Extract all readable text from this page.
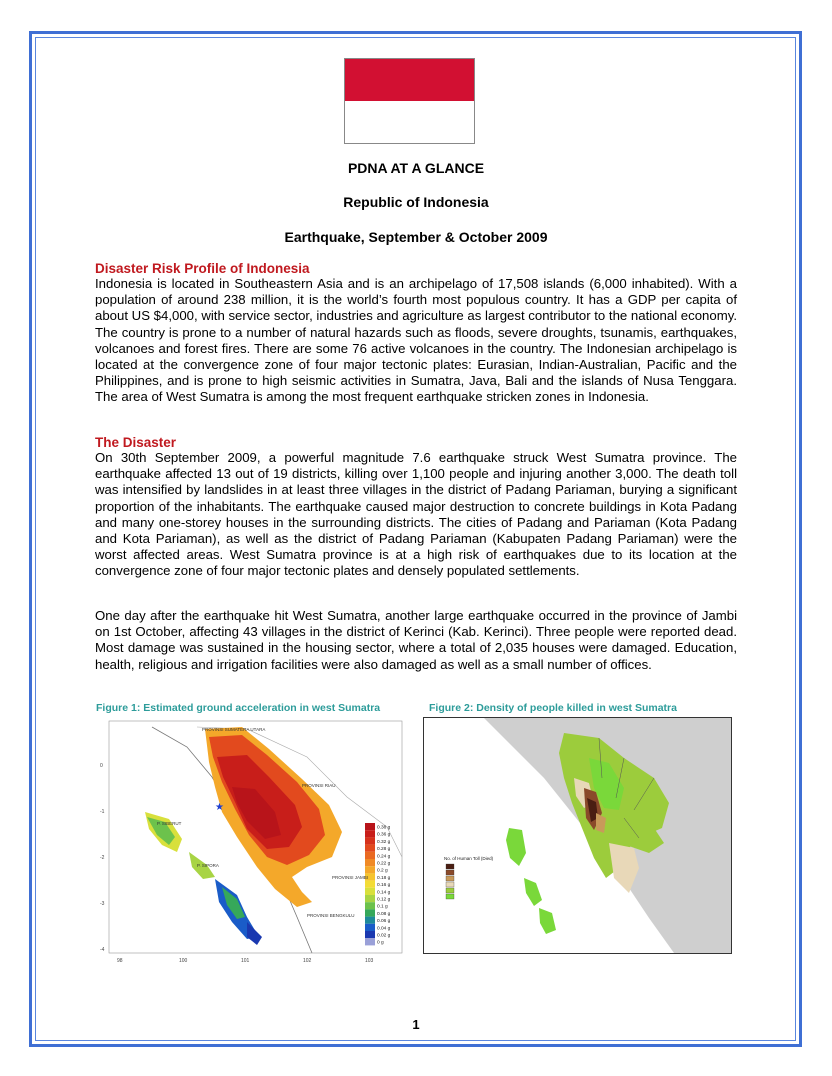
PDNA AT A GLANCE
Republic of Indonesia
Earthquake, September & October 2009
Disaster Risk Profile of Indonesia

Indonesia is located in Southeastern Asia and is an archipelago of 17,508 islands (6,000 inhabited). With a population of around 238 million, it is the world’s fourth most populous country. It has a GDP per capita of about US $4,000, with service sector, industries and agriculture as largest contributor to the national economy. The country is prone to a number of natural hazards such as floods, severe droughts, tsunamis, earthquakes, volcanoes and forest fires. There are some 76 active volcanoes in the country. The Indonesian archipelago is located at the convergence zone of four major tectonic plates: Eurasian, Indian-Australian, Pacific and the Philippines, and is prone to high seismic activities in Sumatra, Java, Bali and the islands of Nusa Tenggara. The area of West Sumatra is among the most frequent earthquake stricken zones in Indonesia.

The Disaster

On 30th September 2009, a powerful magnitude 7.6 earthquake struck West Sumatra province. The earthquake affected 13 out of 19 districts, killing over 1,100 people and injuring another 3,000. The death toll was intensified by landslides in at least three villages in the district of Padang Pariaman, burying a significant proportion of the inhabitants. The earthquake caused major destruction to concrete buildings in Kota Padang and many one-storey houses in the surrounding districts. The cities of Padang and Pariaman (Kota Padang and Kota Pariaman), as well as the district of Padang Pariaman (Kabupaten Padang Pariaman) were the worst affected areas. West Sumatra province is at a high risk of earthquakes due to its location at the convergence zone of four major tectonic plates and densely populated settlements.

One day after the earthquake hit West Sumatra, another large earthquake occurred in the province of Jambi on 1st October, affecting 43 villages in the district of Kerinci (Kab. Kerinci). Three people were reported dead. Most damage was sustained in the housing sector, where a total of 2,035 houses were damaged. Education, health, religious and irrigation facilities were also damaged as well as a small number of offices.

Figure 1: Estimated ground acceleration in west Sumatra	Figure 2: Density of people killed in west Sumatra
★
0.38 g
0.36 g
0.32 g
0.28 g
0.24 g
0.22 g
0.2 g
0.18 g
0.16 g
0.14 g
0.12 g
0.1 g
0.08 g
0.06 g
0.04 g
0.02 g
0 g
98	100	101	102	103
0
-1
-2
-3
-4
PROVINSI SUMATERA UTARA
PROVINSI RIAU
PROVINSI JAMBI
PROVINSI BENGKULU
P. SIBERUT
P. SIPORA
No. of Human Toll (Died)
1
